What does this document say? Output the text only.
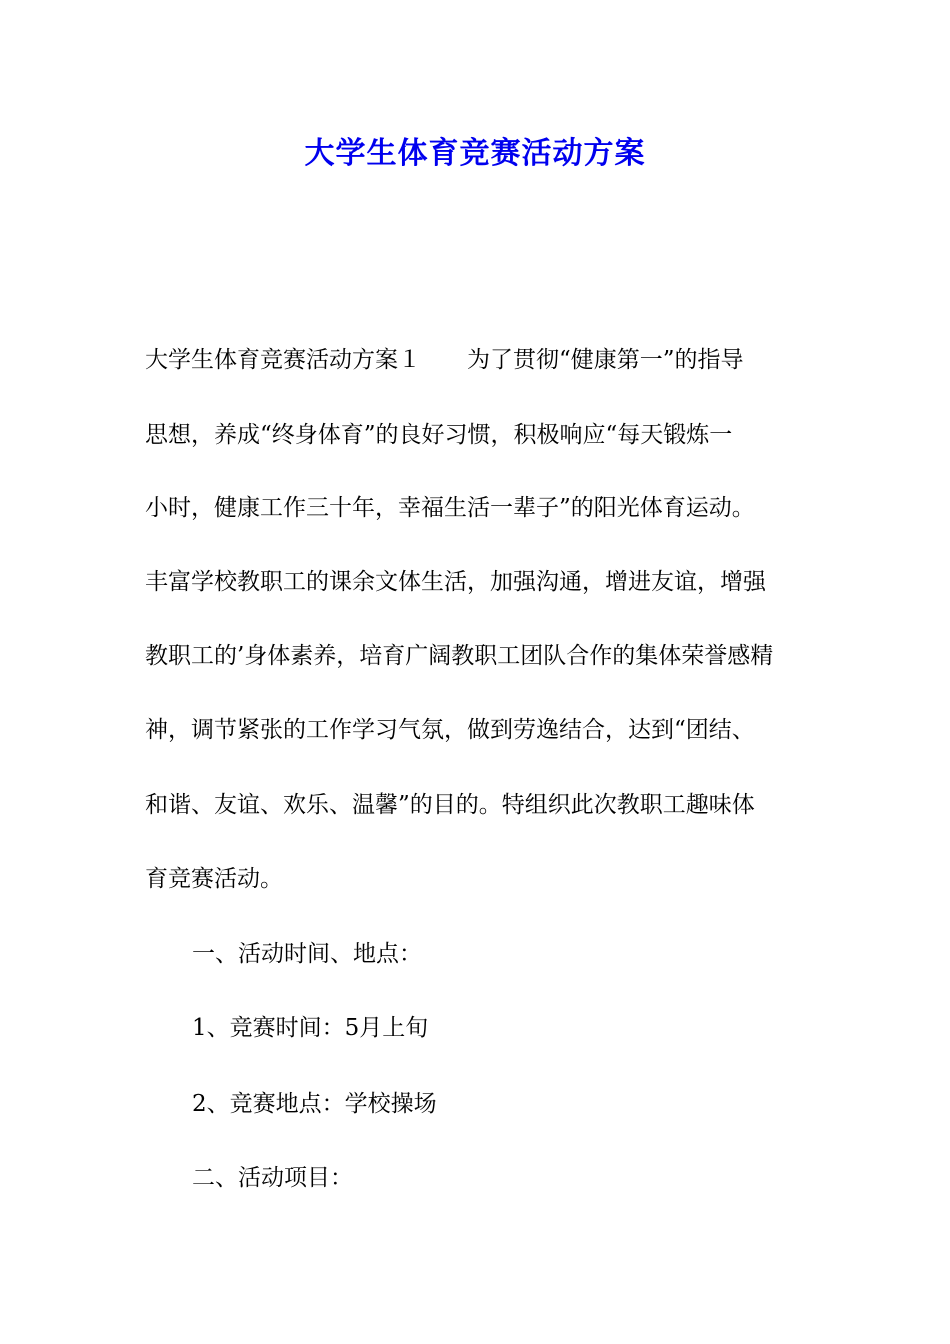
大学生体育竞赛活动方案

大学生体育竞赛活动方案１　　为了贯彻“健康第一”的指导

思想，养成“终身体育”的良好习惯，积极响应“每天锻炼一

小时，健康工作三十年，幸福生活一辈子”的阳光体育运动。

丰富学校教职工的课余文体生活，加强沟通，增进友谊，增强

教职工的’身体素养，培育广阔教职工团队合作的集体荣誉感精

神，调节紧张的工作学习气氛，做到劳逸结合，达到“团结、

和谐、友谊、欢乐、温馨”的目的。特组织此次教职工趣味体

育竞赛活动。

一、活动时间、地点：

1、竞赛时间：5月上旬

2、竞赛地点：学校操场

二、活动项目：
